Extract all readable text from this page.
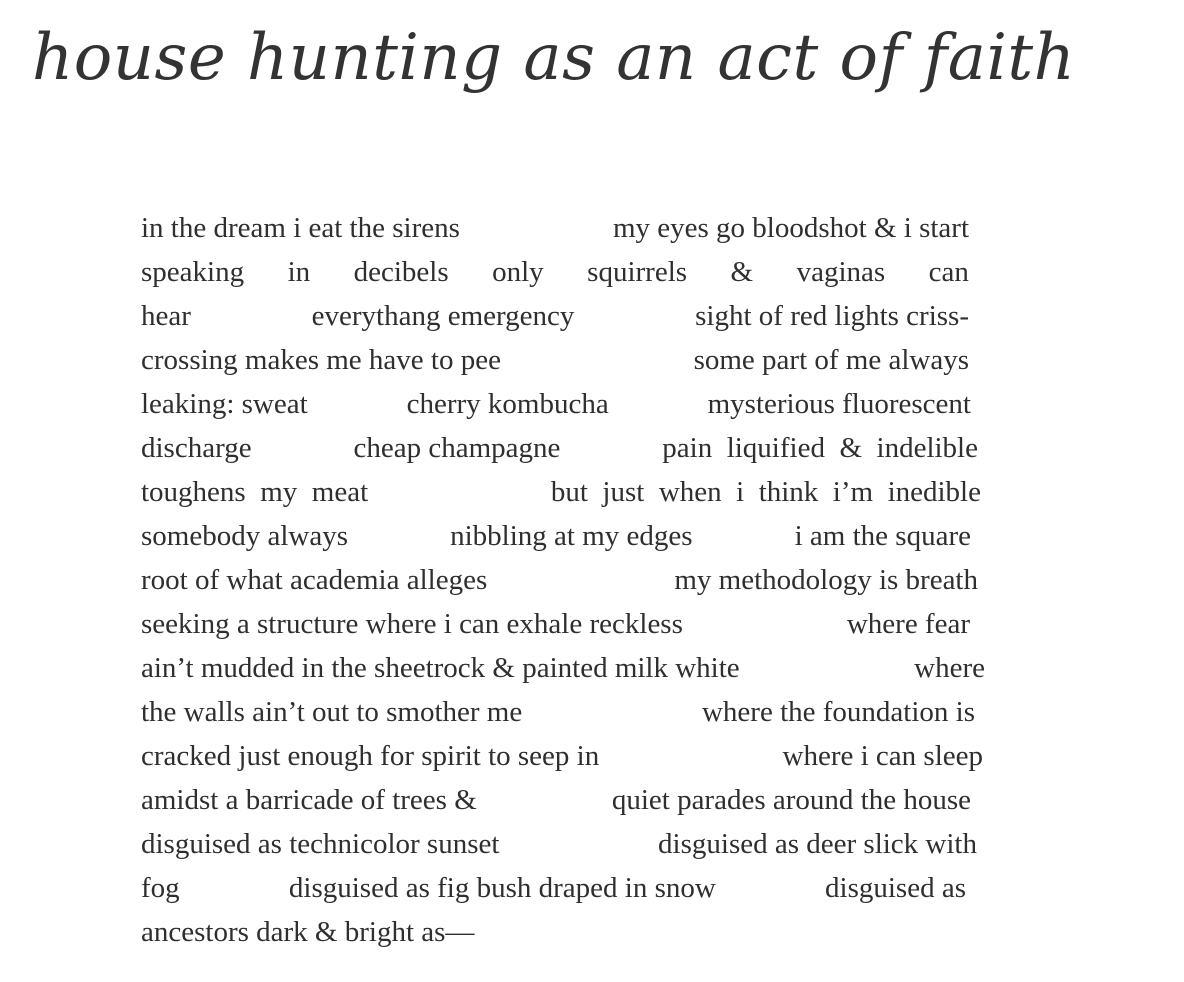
house hunting as an act of faith
in the dream i eat the sirens	my eyes go bloodshot & i start
speaking in decibels only squirrels & vaginas can
hear	everythang emergency	sight of red lights criss-
crossing makes me have to pee	some part of me always
leaking: sweat	cherry kombucha	mysterious fluorescent
discharge	cheap champagne	pain  liquified  &  indelible
toughens  my  meat	but  just  when  i  think  i’m  inedible
somebody always	nibbling at my edges	i am the square
root of what academia alleges	my methodology is breath
seeking a structure where i can exhale reckless	where fear
ain’t mudded in the sheetrock & painted milk white	where
the walls ain’t out to smother me	where the foundation is
cracked just enough for spirit to seep in	where i can sleep
amidst a barricade of trees &	quiet parades around the house
disguised as technicolor sunset	disguised as deer slick with
fog	disguised as fig bush draped in snow	disguised as
ancestors dark & bright as—
